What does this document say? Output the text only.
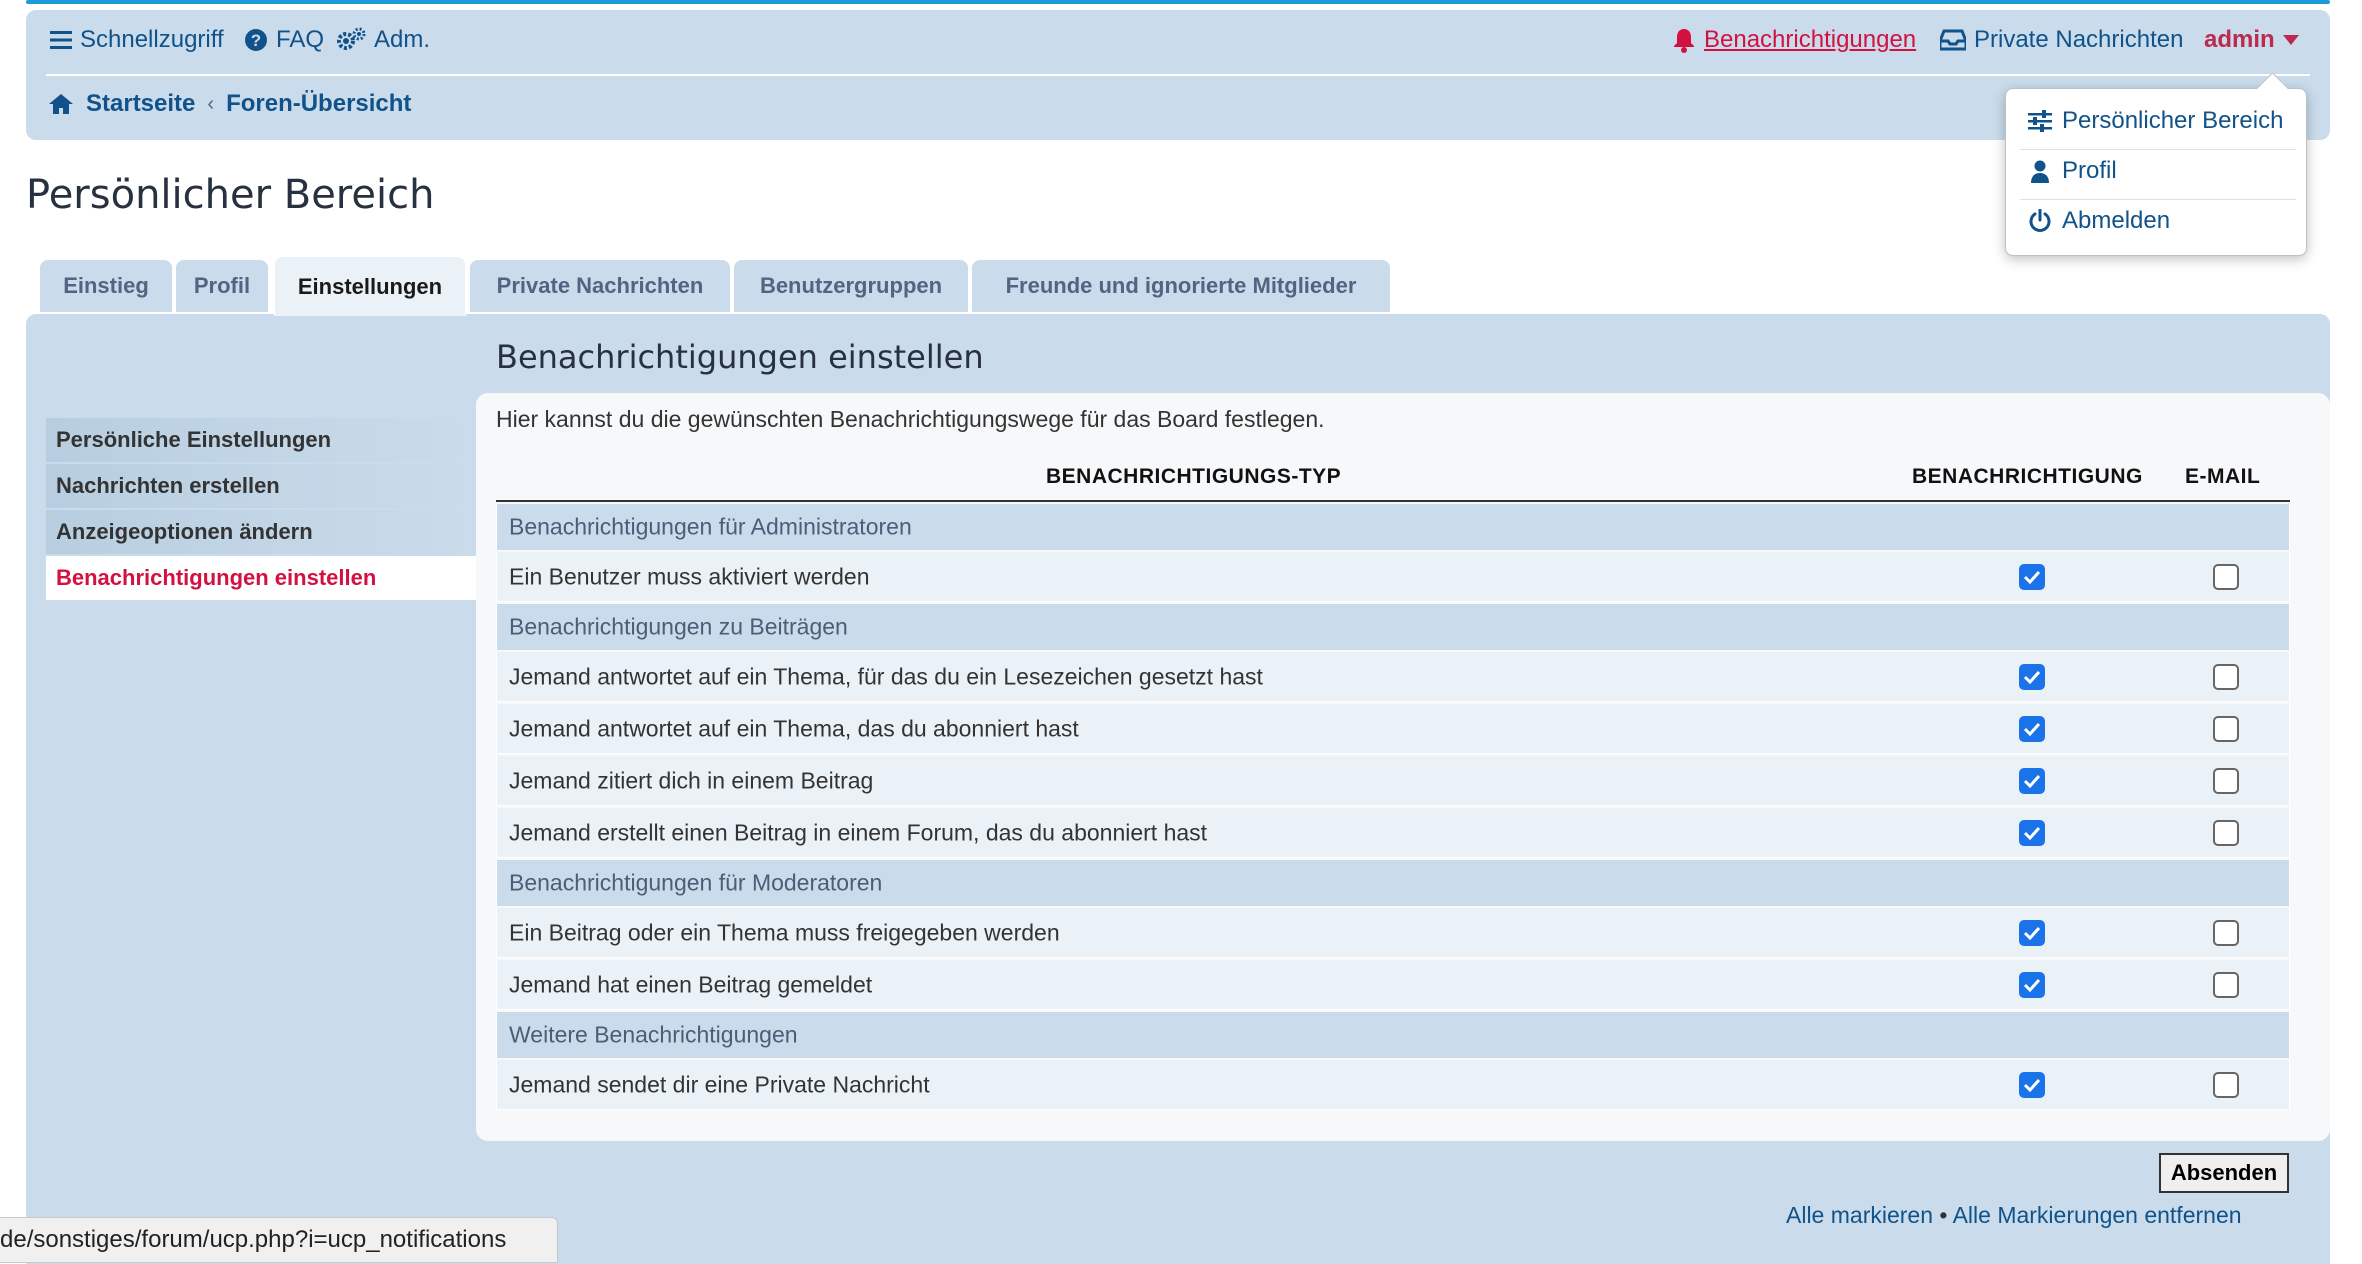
Schnellzugriff ? FAQ Adm.	Benachrichtigungen Private Nachrichten admin
Startseite ‹ Foren-Übersicht
Persönlicher Bereich
Einstieg	Profil	Einstellungen	Private Nachrichten	Benutzergruppen	Freunde und ignorierte Mitglieder
Persönliche Einstellungen
Nachrichten erstellen
Anzeigeoptionen ändern
Benachrichtigungen einstellen
Benachrichtigungen einstellen
Hier kannst du die gewünschten Benachrichtigungswege für das Board festlegen.
BENACHRICHTIGUNGS-TYP	BENACHRICHTIGUNG E-MAIL
Benachrichtigungen für Administratoren
Ein Benutzer muss aktiviert werden
Benachrichtigungen zu Beiträgen
Jemand antwortet auf ein Thema, für das du ein Lesezeichen gesetzt hast
Jemand antwortet auf ein Thema, das du abonniert hast
Jemand zitiert dich in einem Beitrag
Jemand erstellt einen Beitrag in einem Forum, das du abonniert hast
Benachrichtigungen für Moderatoren
Ein Beitrag oder ein Thema muss freigegeben werden
Jemand hat einen Beitrag gemeldet
Weitere Benachrichtigungen
Jemand sendet dir eine Private Nachricht
Absenden
Alle markieren • Alle Markierungen entfernen
Persönlicher Bereich
Profil
Abmelden
de/sonstiges/forum/ucp.php?i=ucp_notifications
